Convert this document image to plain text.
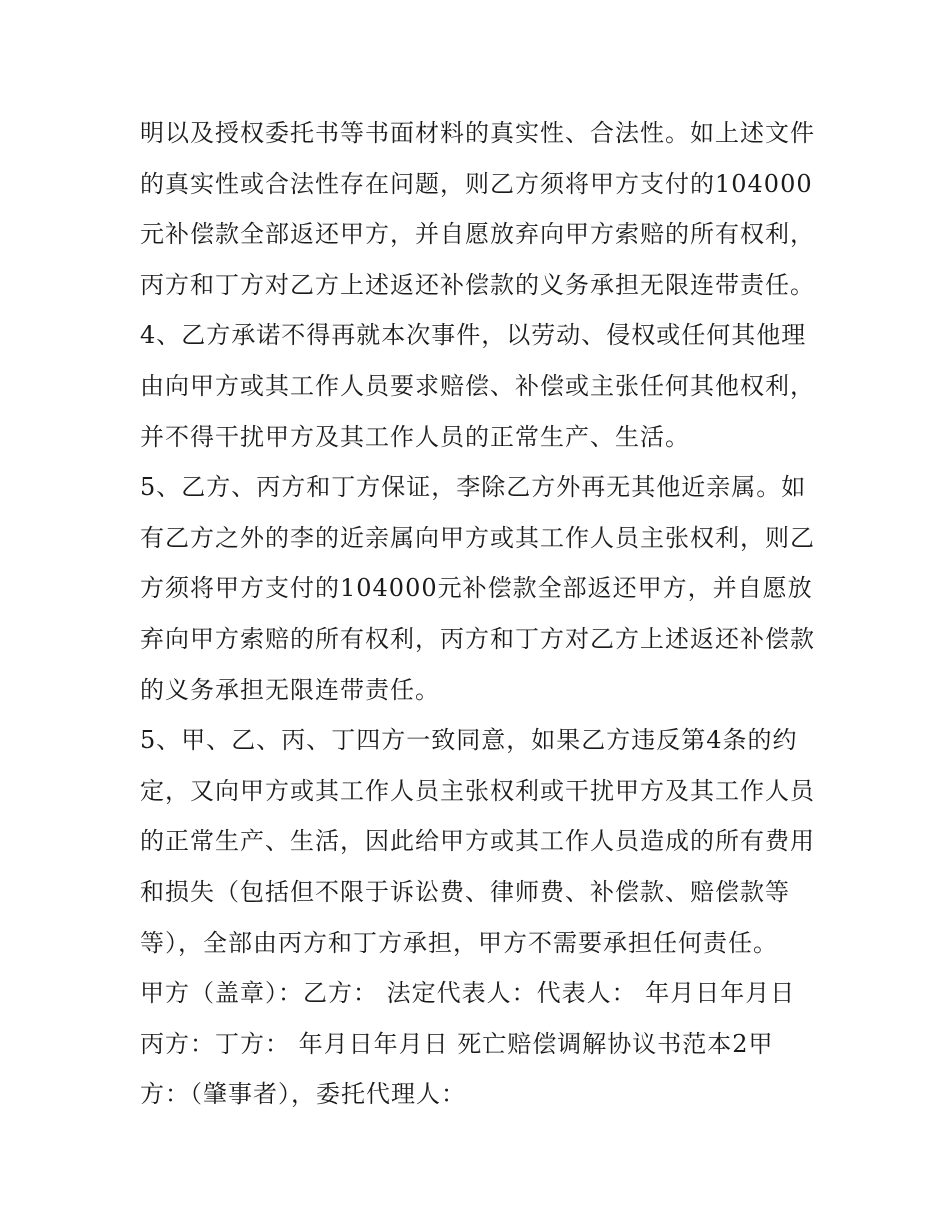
明以及授权委托书等书面材料的真实性、合法性。如上述文件
的真实性或合法性存在问题，则乙方须将甲方支付的104000
元补偿款全部返还甲方，并自愿放弃向甲方索赔的所有权利，
丙方和丁方对乙方上述返还补偿款的义务承担无限连带责任。
4、乙方承诺不得再就本次事件，以劳动、侵权或任何其他理
由向甲方或其工作人员要求赔偿、补偿或主张任何其他权利，
并不得干扰甲方及其工作人员的正常生产、生活。
5、乙方、丙方和丁方保证，李除乙方外再无其他近亲属。如
有乙方之外的李的近亲属向甲方或其工作人员主张权利，则乙
方须将甲方支付的104000元补偿款全部返还甲方，并自愿放
弃向甲方索赔的所有权利，丙方和丁方对乙方上述返还补偿款
的义务承担无限连带责任。
5、甲、乙、丙、丁四方一致同意，如果乙方违反第4条的约
定，又向甲方或其工作人员主张权利或干扰甲方及其工作人员
的正常生产、生活，因此给甲方或其工作人员造成的所有费用
和损失（包括但不限于诉讼费、律师费、补偿款、赔偿款等
等），全部由丙方和丁方承担，甲方不需要承担任何责任。
甲方（盖章）：乙方： 法定代表人：代表人： 年月日年月日
丙方：丁方： 年月日年月日 死亡赔偿调解协议书范本2甲
方：（肇事者），委托代理人：
